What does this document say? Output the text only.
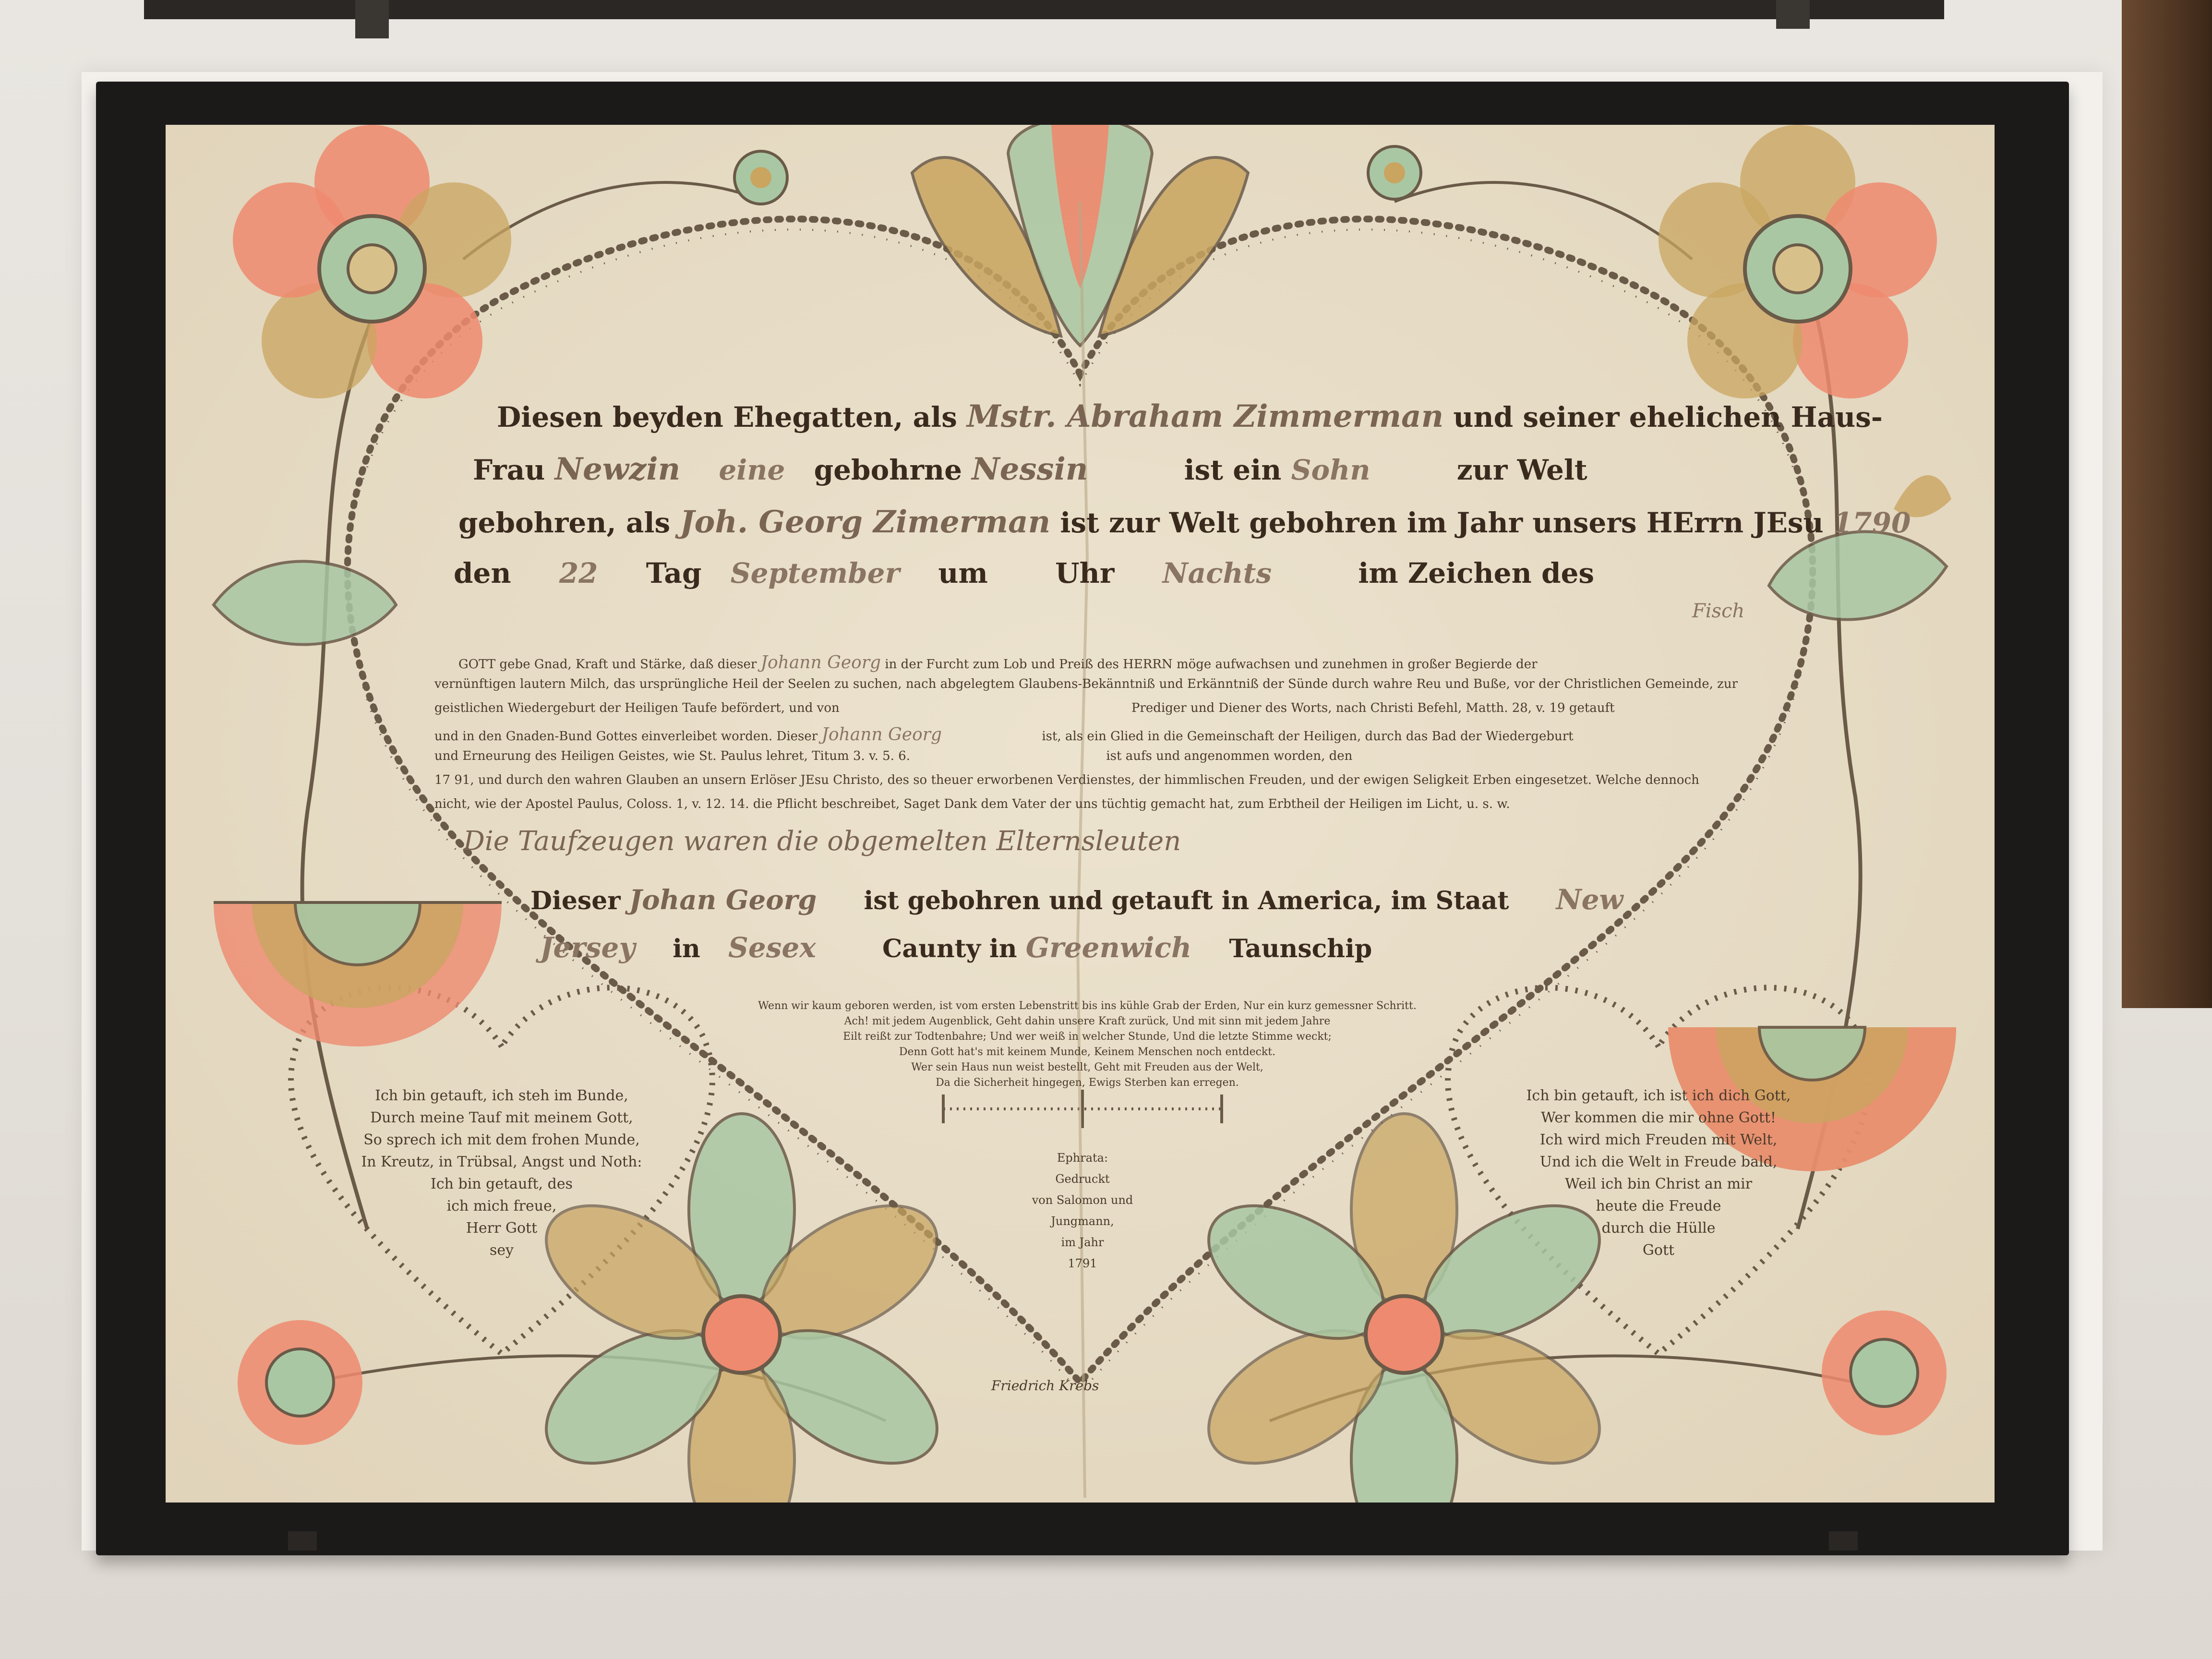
Diesen beyden Ehegatten, als Mstr. Abraham Zimmerman und seiner ehelichen Haus-
Frau Newzin eine gebohrne Nessin	ist ein Sohn	zur Welt
gebohren, als Joh. Georg Zimerman ist zur Welt gebohren im Jahr unsers HErrn JEsu 1790
den 22 Tag September um Uhr Nachts	im Zeichen des
Fisch
GOTT gebe Gnad, Kraft und Stärke, daß dieser Johann Georg in der Furcht zum Lob und Preiß des HERRN möge aufwachsen und zunehmen in großer Begierde der
vernünftigen lautern Milch, das ursprüngliche Heil der Seelen zu suchen, nach abgelegtem Glaubens-Bekänntniß und Erkänntniß der Sünde durch wahre Reu und Buße, vor der Christlichen Gemeinde, zur
geistlichen Wiedergeburt der Heiligen Taufe befördert, und von	Prediger und Diener des Worts, nach Christi Befehl, Matth. 28, v. 19 getauft
und in den Gnaden-Bund Gottes einverleibet worden. Dieser Johann Georg	ist, als ein Glied in die Gemeinschaft der Heiligen, durch das Bad der Wiedergeburt
und Erneurung des Heiligen Geistes, wie St. Paulus lehret, Titum 3. v. 5. 6.	ist aufs und angenommen worden, den
17 91, und durch den wahren Glauben an unsern Erlöser JEsu Christo, des so theuer erworbenen Verdienstes, der himmlischen Freuden, und der ewigen Seligkeit Erben eingesetzet. Welche dennoch
nicht, wie der Apostel Paulus, Coloss. 1, v. 12. 14. die Pflicht beschreibet, Saget Dank dem Vater der uns tüchtig gemacht hat, zum Erbtheil der Heiligen im Licht, u. s. w.
Die Taufzeugen waren die obgemelten Elternsleuten
Dieser Johan Georg ist gebohren und getauft in America, im Staat New
Jersey in Sesex	Caunty in Greenwich Taunschip
Wenn wir kaum geboren werden, ist vom ersten Lebenstritt bis ins kühle Grab der Erden, Nur ein kurz gemessner Schritt.
Ach! mit jedem Augenblick, Geht dahin unsere Kraft zurück, Und mit sinn mit jedem Jahre
Eilt reißt zur Todtenbahre; Und wer weiß in welcher Stunde, Und die letzte Stimme weckt;
Denn Gott hat's mit keinem Munde, Keinem Menschen noch entdeckt.
Wer sein Haus nun weist bestellt, Geht mit Freuden aus der Welt,
Da die Sicherheit hingegen, Ewigs Sterben kan erregen.
Ephrata:
Gedruckt
von Salomon und Jungmann,
im Jahr
1791
Friedrich Krebs
Ich bin getauft, ich steh im Bunde,
Durch meine Tauf mit meinem Gott,
So sprech ich mit dem frohen Munde,
In Kreutz, in Trübsal, Angst und Noth:
Ich bin getauft, des
ich mich freue,
Herr Gott
sey
Ich bin getauft, ich ist ich dich Gott,
Wer kommen die mir ohne Gott!
Ich wird mich Freuden mit Welt,
Und ich die Welt in Freude bald,
Weil ich bin Christ an mir
heute die Freude
durch die Hülle
Gott
